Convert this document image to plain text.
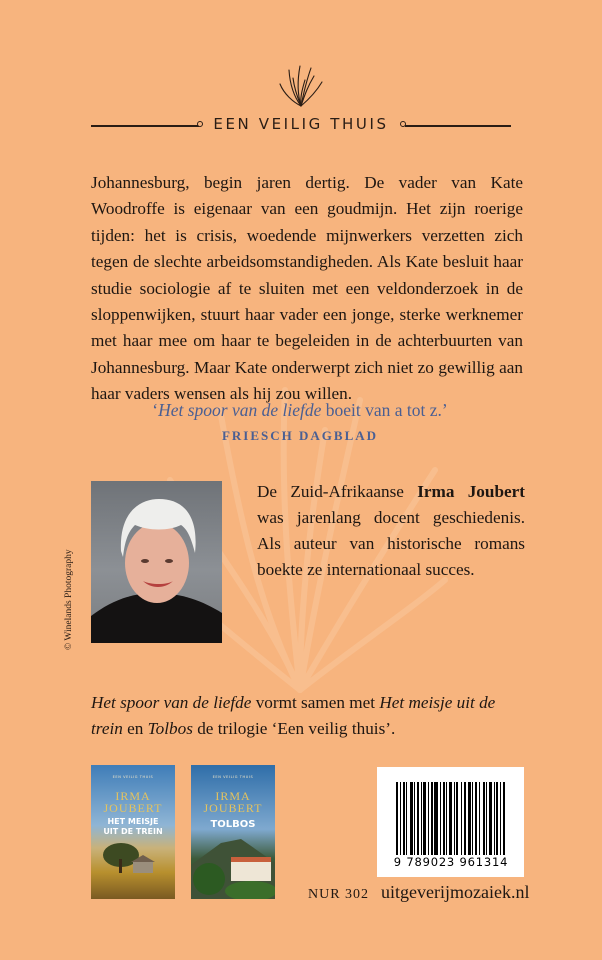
EEN VEILIG THUIS

Johannesburg, begin jaren dertig. De vader van Kate Woodroffe is eigenaar van een goudmijn. Het zijn roerige tijden: het is crisis, woedende mijnwerkers verzetten zich tegen de slechte arbeidsomstandigheden. Als Kate besluit haar studie sociologie af te sluiten met een veldonderzoek in de sloppenwijken, stuurt haar vader een jonge, sterke werknemer met haar mee om haar te begeleiden in de achterbuurten van Johannesburg. Maar Kate onderwerpt zich niet zo gewillig aan haar vaders wensen als hij zou willen.

‘Het spoor van de liefde boeit van a tot z.’
FRIESCH DAGBLAD
© Winelands Photography

De Zuid-Afrikaanse Irma Joubert was jarenlang docent geschiedenis. Als auteur van historische romans boekte ze internationaal succes.

Het spoor van de liefde vormt samen met Het meisje uit de trein en Tolbos de trilogie ‘Een veilig thuis’.

EEN VEILIG THUIS
IRMA
JOUBERT
HET MEISJE
UIT DE TREIN
EEN VEILIG THUIS
IRMA
JOUBERT
TOLBOS
9 789023 961314
NUR 302 uitgeverijmozaiek.nl
